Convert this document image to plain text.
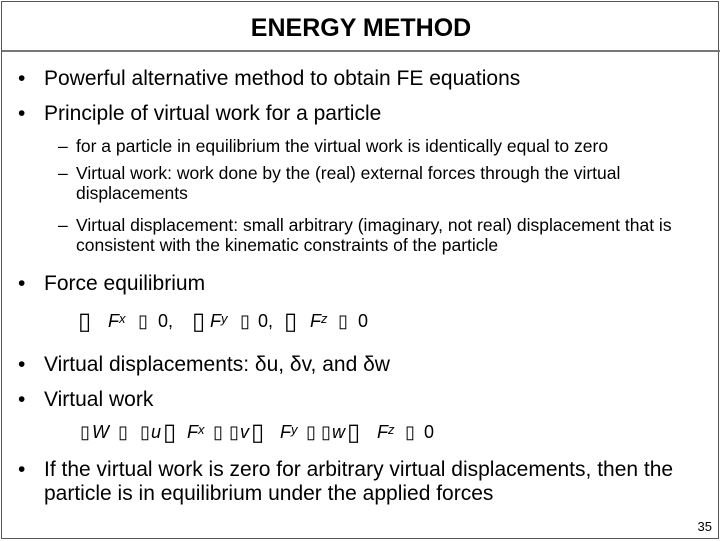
ENERGY METHOD
• Powerful alternative method to obtain FE equations
• Principle of virtual work for a particle
– for a particle in equilibrium the virtual work is identically equal to zero
– Virtual work: work done by the (real) external forces through the virtual displacements
– Virtual displacement: small arbitrary (imaginary, not real) displacement that is consistent with the kinematic constraints of the particle
• Force equilibrium
▯ F x ▯ 0, ▯ F y ▯ 0, ▯ F z ▯ 0
• Virtual displacements: δu, δv, and δw
• Virtual work
▯ W ▯ ▯ u ▯ F x ▯ ▯ v ▯ F y ▯ ▯ w ▯ F z ▯ 0
• If the virtual work is zero for arbitrary virtual displacements, then the particle is in equilibrium under the applied forces
35
